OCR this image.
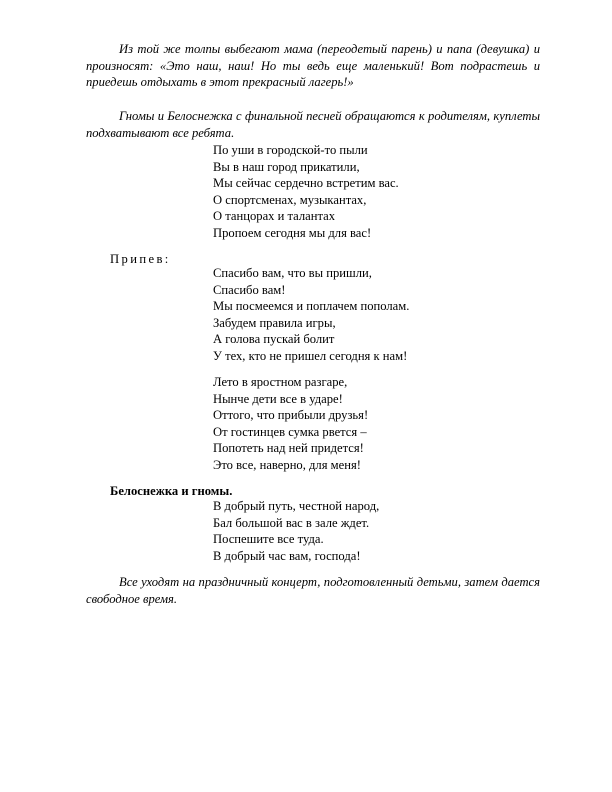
Из той же толпы выбегают мама (переодетый парень) и папа (девушка) и произносят: «Это наш, наш! Но ты ведь еще маленький! Вот подрастешь и приедешь отдыхать в этот прекрасный лагерь!»

Гномы и Белоснежка с финальной песней обращаются к родителям, куплеты подхватывают все ребята.

По уши в городской-то пыли
Вы в наш город прикатили,
Мы сейчас сердечно встретим вас.
О спортсменах, музыкантах,
О танцорах и талантах
Пропоем сегодня мы для вас!

Припев:

Спасибо вам, что вы пришли,
Спасибо вам!
Мы посмеемся и поплачем пополам.
Забудем правила игры,
А голова пускай болит
У тех, кто не пришел сегодня к нам!
Лето в яростном разгаре,
Нынче дети все в ударе!
Оттого, что прибыли друзья!
От гостинцев сумка рвется –
Попотеть над ней придется!
Это все, наверно, для меня!

Белоснежка и гномы.

В добрый путь, честной народ,
Бал большой вас в зале ждет.
Поспешите все туда.
В добрый час вам, господа!

Все уходят на праздничный концерт, подготовленный детьми, затем дается свободное время.
